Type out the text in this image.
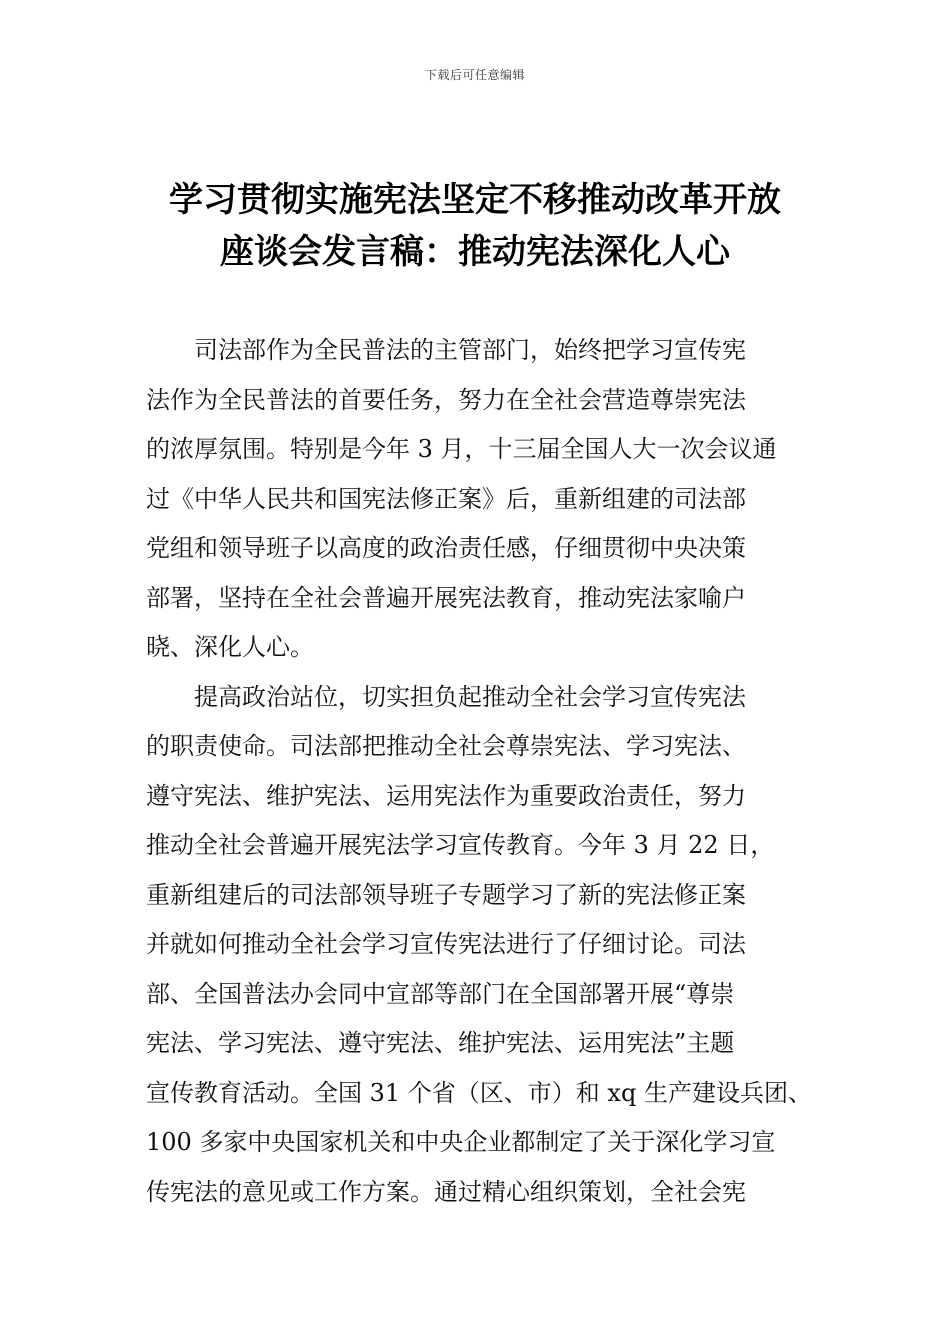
下载后可任意编辑
学习贯彻实施宪法坚定不移推动改革开放
座谈会发言稿：推动宪法深化人心
司法部作为全民普法的主管部门，始终把学习宣传宪
法作为全民普法的首要任务，努力在全社会营造尊崇宪法
的浓厚氛围。特别是今年 3 月，十三届全国人大一次会议通
过《中华人民共和国宪法修正案》后，重新组建的司法部
党组和领导班子以高度的政治责任感，仔细贯彻中央决策
部署，坚持在全社会普遍开展宪法教育，推动宪法家喻户
晓、深化人心。
提高政治站位，切实担负起推动全社会学习宣传宪法
的职责使命。司法部把推动全社会尊崇宪法、学习宪法、
遵守宪法、维护宪法、运用宪法作为重要政治责任，努力
推动全社会普遍开展宪法学习宣传教育。今年 3 月 22 日，
重新组建后的司法部领导班子专题学习了新的宪法修正案
并就如何推动全社会学习宣传宪法进行了仔细讨论。司法
部、全国普法办会同中宣部等部门在全国部署开展“尊崇
宪法、学习宪法、遵守宪法、维护宪法、运用宪法”主题
宣传教育活动。全国 31 个省（区、市）和 xq 生产建设兵团、
100 多家中央国家机关和中央企业都制定了关于深化学习宣
传宪法的意见或工作方案。通过精心组织策划，全社会宪
